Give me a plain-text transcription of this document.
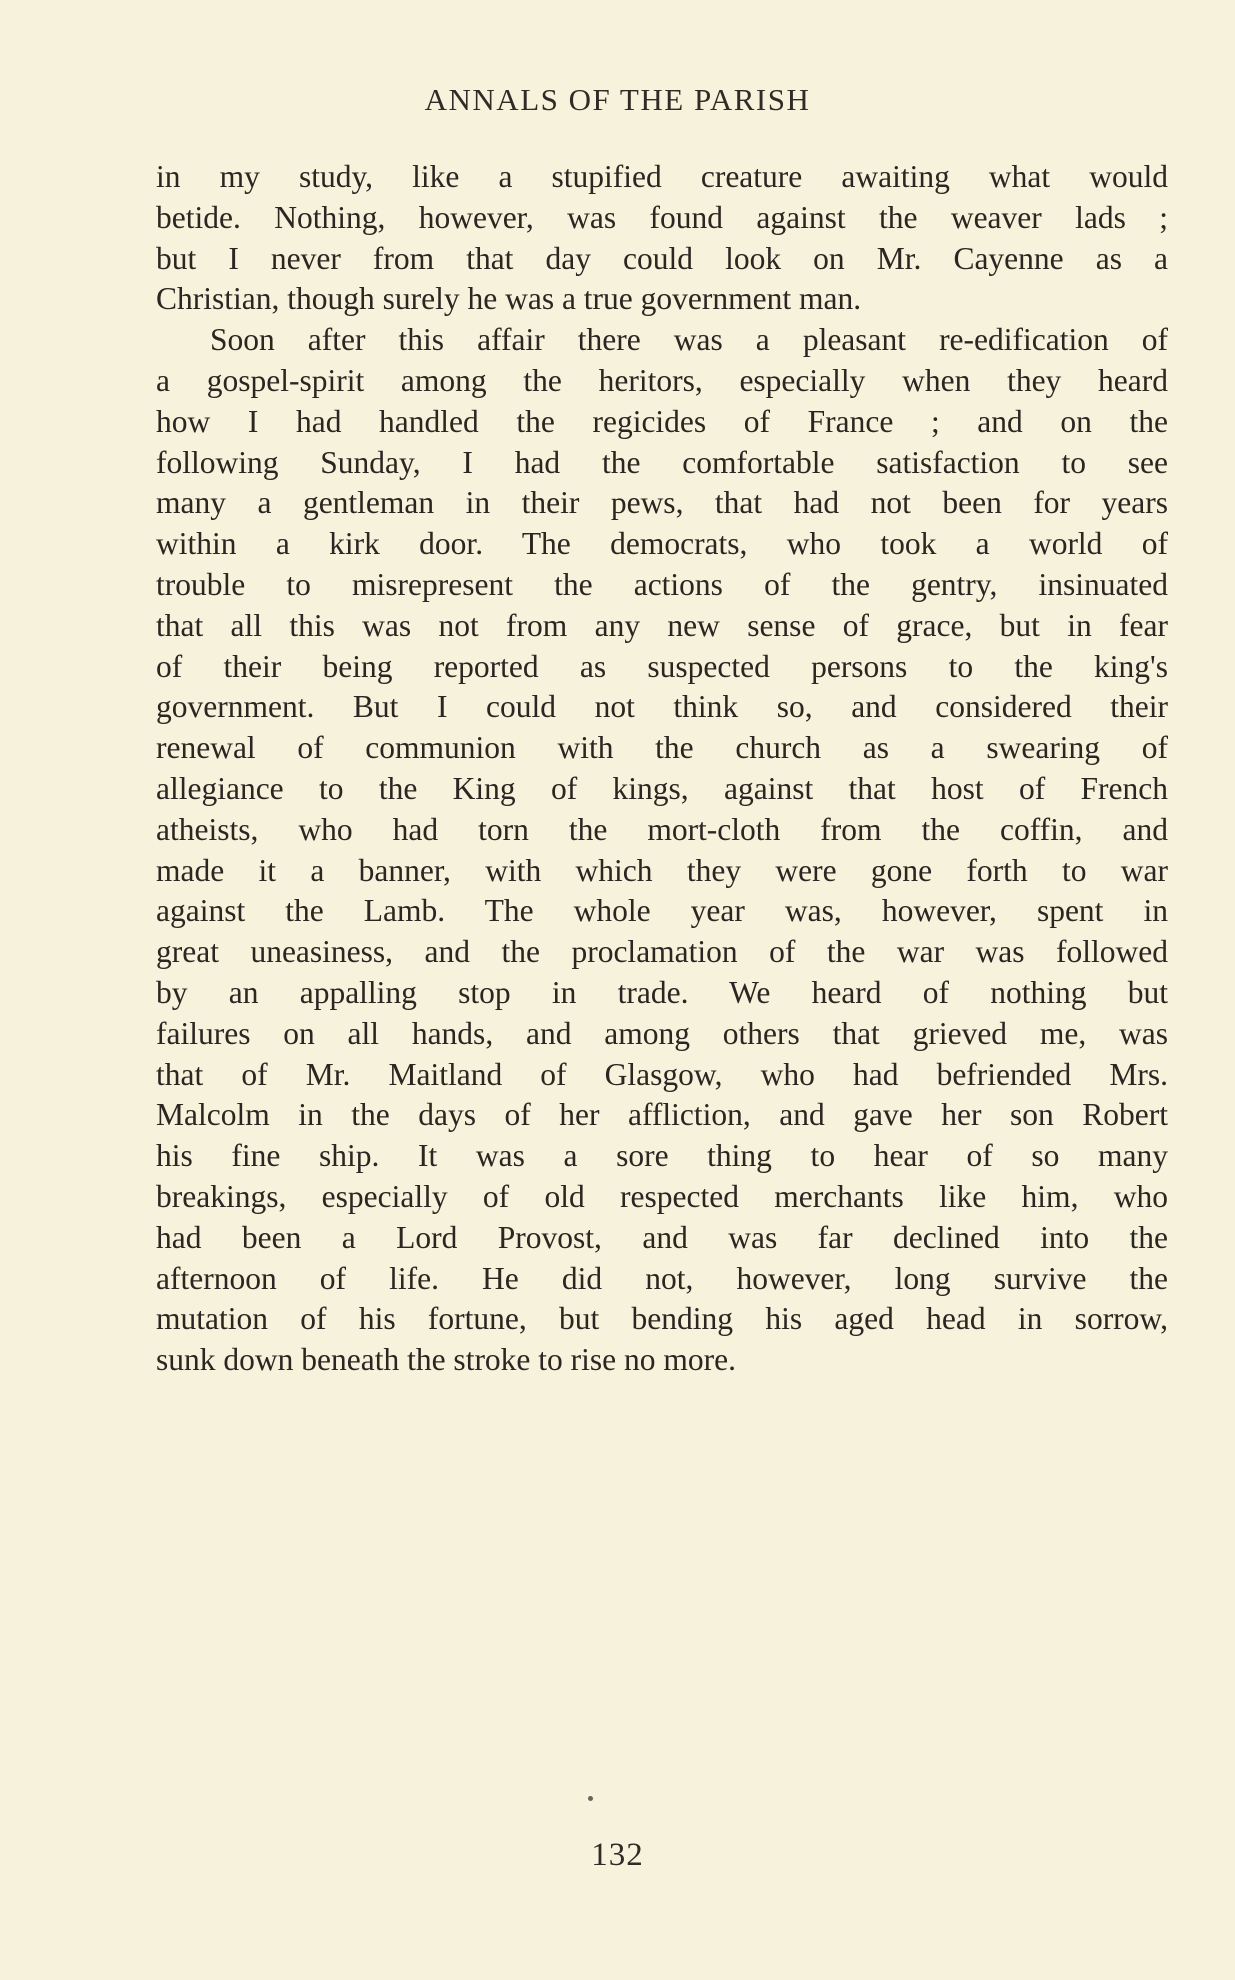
ANNALS OF THE PARISH
in my study, like a stupified creature awaiting what would
betide. Nothing, however, was found against the weaver lads ;
but I never from that day could look on Mr. Cayenne as a
Christian, though surely he was a true government man.
Soon after this affair there was a pleasant re-edification of
a gospel-spirit among the heritors, especially when they heard
how I had handled the regicides of France ; and on the
following Sunday, I had the comfortable satisfaction to see
many a gentleman in their pews, that had not been for years
within a kirk door. The democrats, who took a world of
trouble to misrepresent the actions of the gentry, insinuated
that all this was not from any new sense of grace, but in fear
of their being reported as suspected persons to the king's
government. But I could not think so, and considered their
renewal of communion with the church as a swearing of
allegiance to the King of kings, against that host of French
atheists, who had torn the mort-cloth from the coffin, and
made it a banner, with which they were gone forth to war
against the Lamb. The whole year was, however, spent in
great uneasiness, and the proclamation of the war was followed
by an appalling stop in trade. We heard of nothing but
failures on all hands, and among others that grieved me, was
that of Mr. Maitland of Glasgow, who had befriended Mrs.
Malcolm in the days of her affliction, and gave her son Robert
his fine ship. It was a sore thing to hear of so many
breakings, especially of old respected merchants like him, who
had been a Lord Provost, and was far declined into the
afternoon of life. He did not, however, long survive the
mutation of his fortune, but bending his aged head in sorrow,
sunk down beneath the stroke to rise no more.
132
